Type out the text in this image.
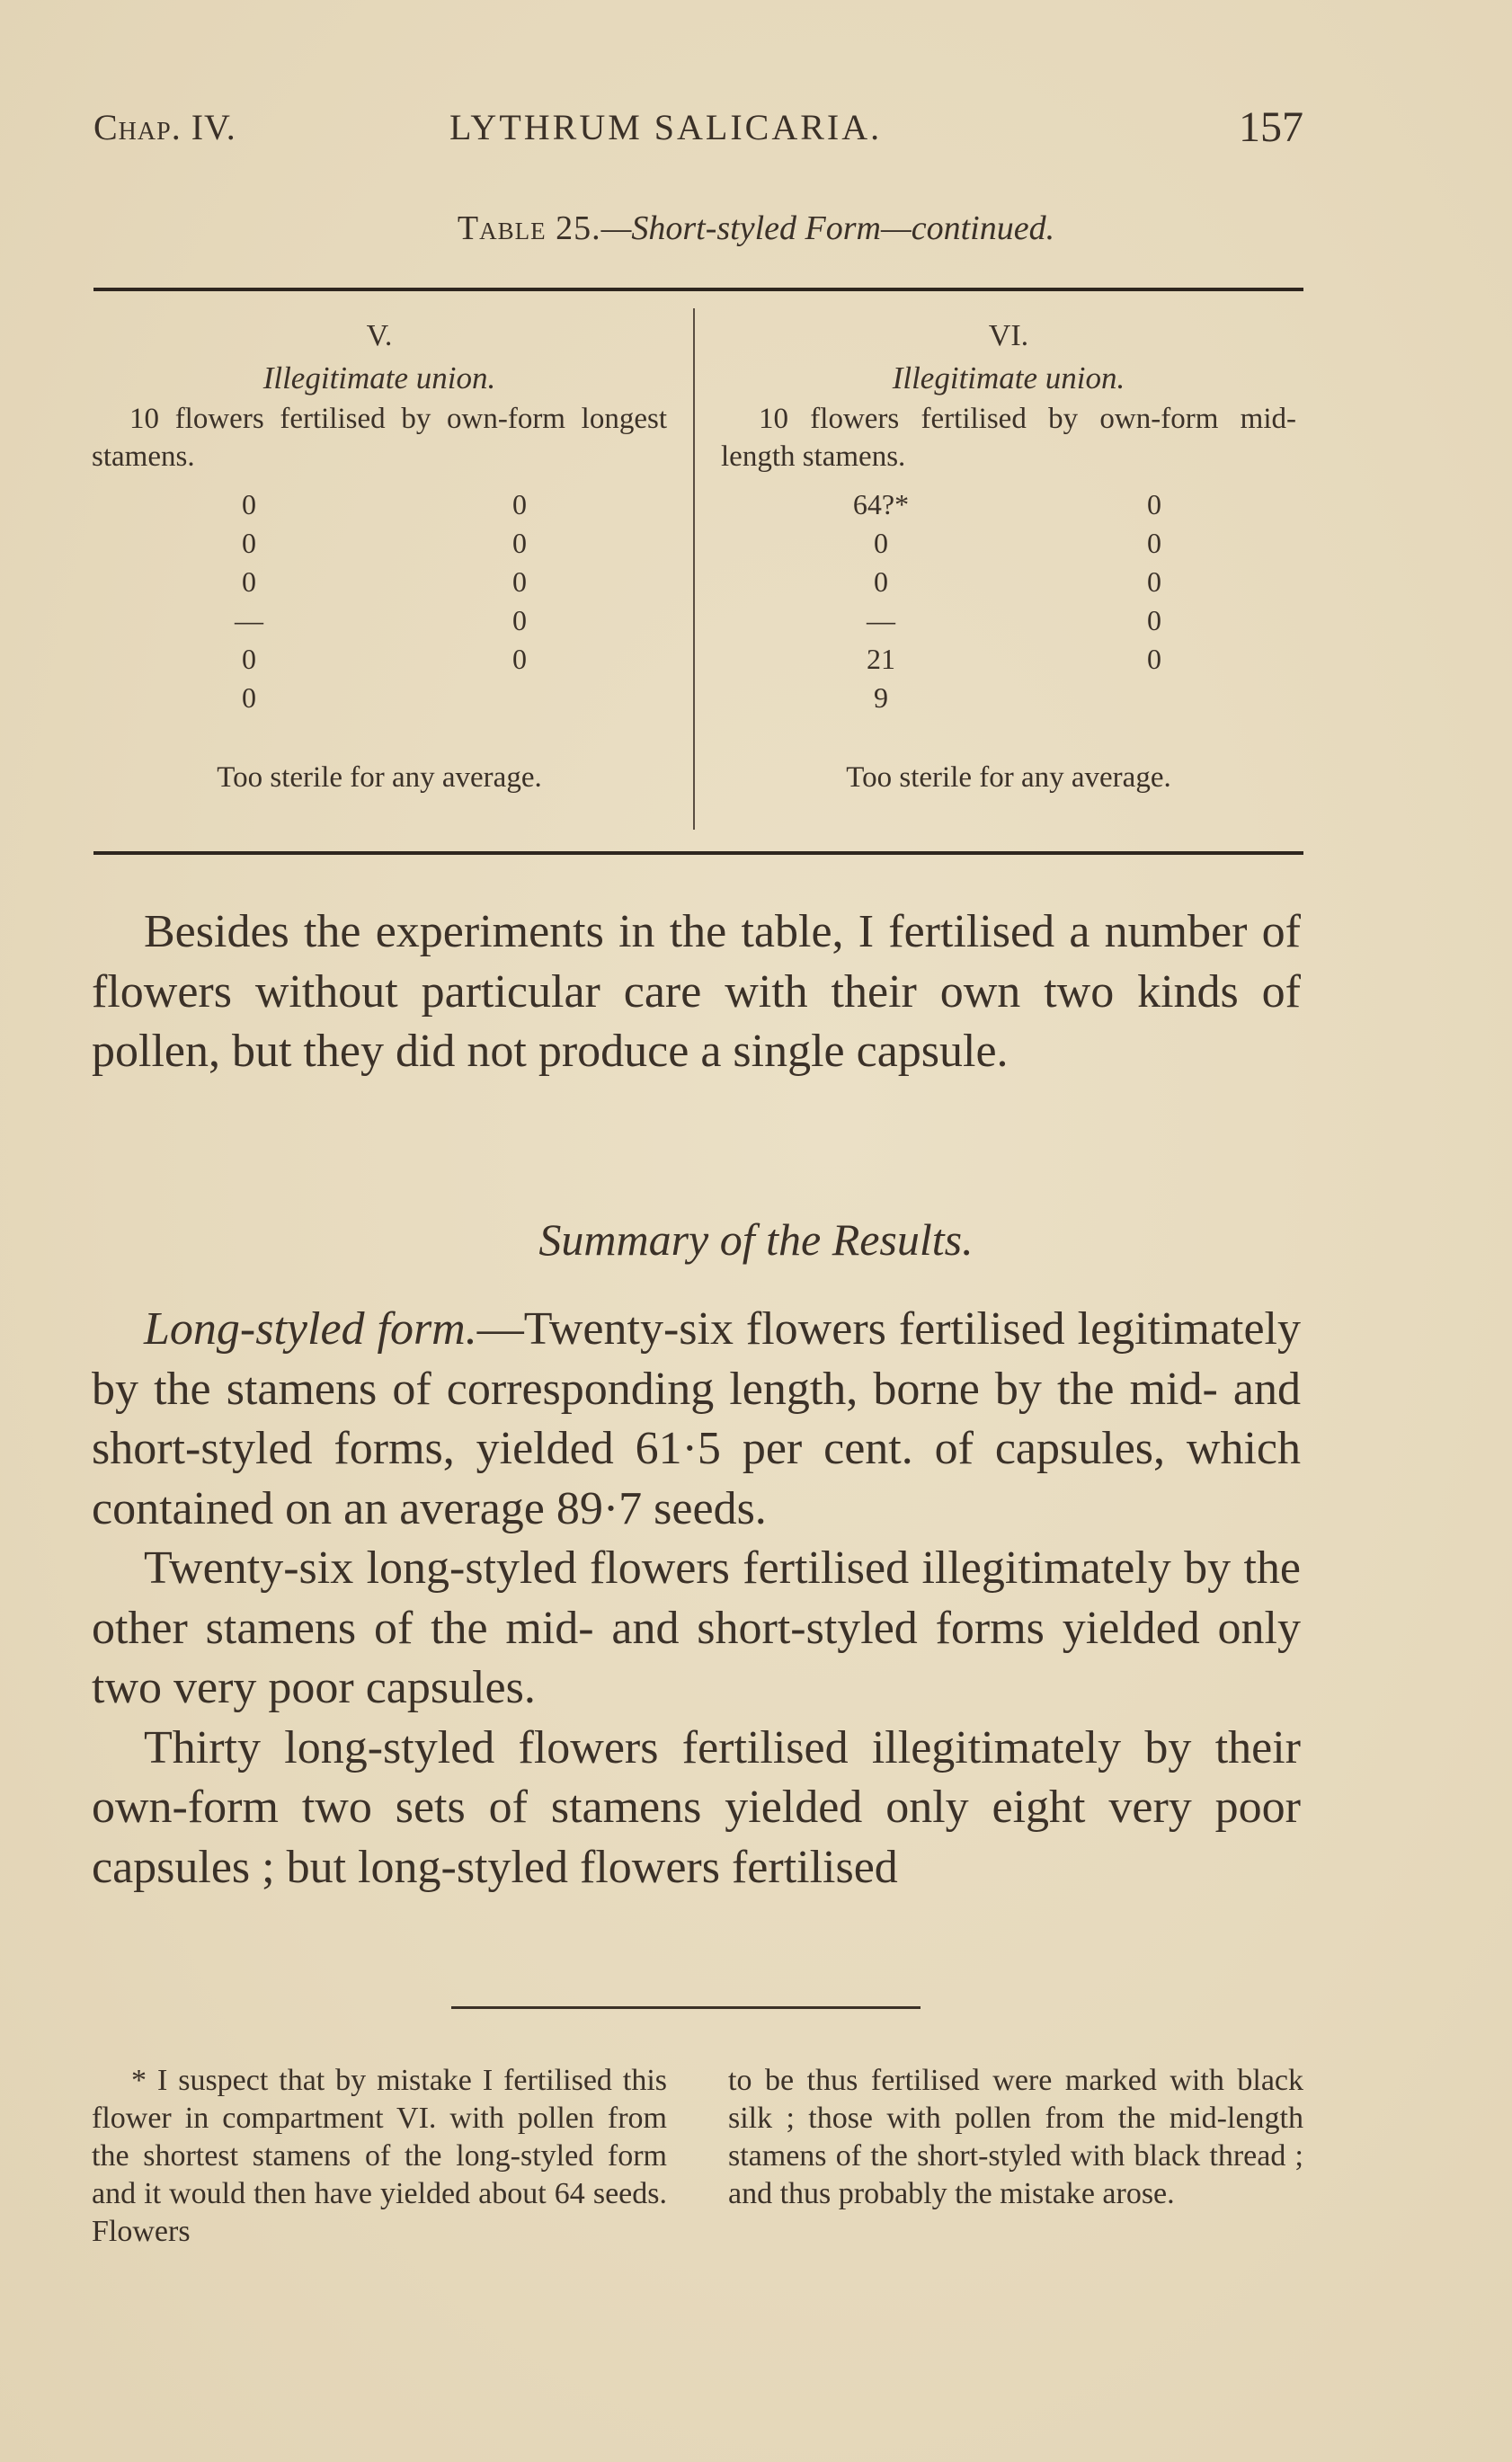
Chap. IV.	LYTHRUM SALICARIA.	157
Table 25.—Short-styled Form—continued.
V.
Illegitimate union.
10 flowers fertilised by own-form longest stamens.
0
0
0
—
0
0
0
0
0
0
0
Too sterile for any average.
VI.
Illegitimate union.
10 flowers fertilised by own-form mid-length stamens.
64?*
0
0
—
21
9
0
0
0
0
0
Too sterile for any average.

Besides the experiments in the table, I fertilised a number of flowers without particular care with their own two kinds of pollen, but they did not produce a single capsule.

Summary of the Results.

Long-styled form.—Twenty-six flowers fertilised legitimately by the stamens of corresponding length, borne by the mid- and short-styled forms, yielded 61·5 per cent. of capsules, which contained on an average 89·7 seeds.

Twenty-six long-styled flowers fertilised illegitimately by the other stamens of the mid- and short-styled forms yielded only two very poor capsules.

Thirty long-styled flowers fertilised illegitimately by their own-form two sets of stamens yielded only eight very poor capsules ; but long-styled flowers fertilised

* I suspect that by mistake I fertilised this flower in compartment VI. with pollen from the shortest stamens of the long-styled form and it would then have yielded about 64 seeds. Flowers

to be thus fertilised were marked with black silk ; those with pollen from the mid-length stamens of the short-styled with black thread ; and thus probably the mistake arose.
